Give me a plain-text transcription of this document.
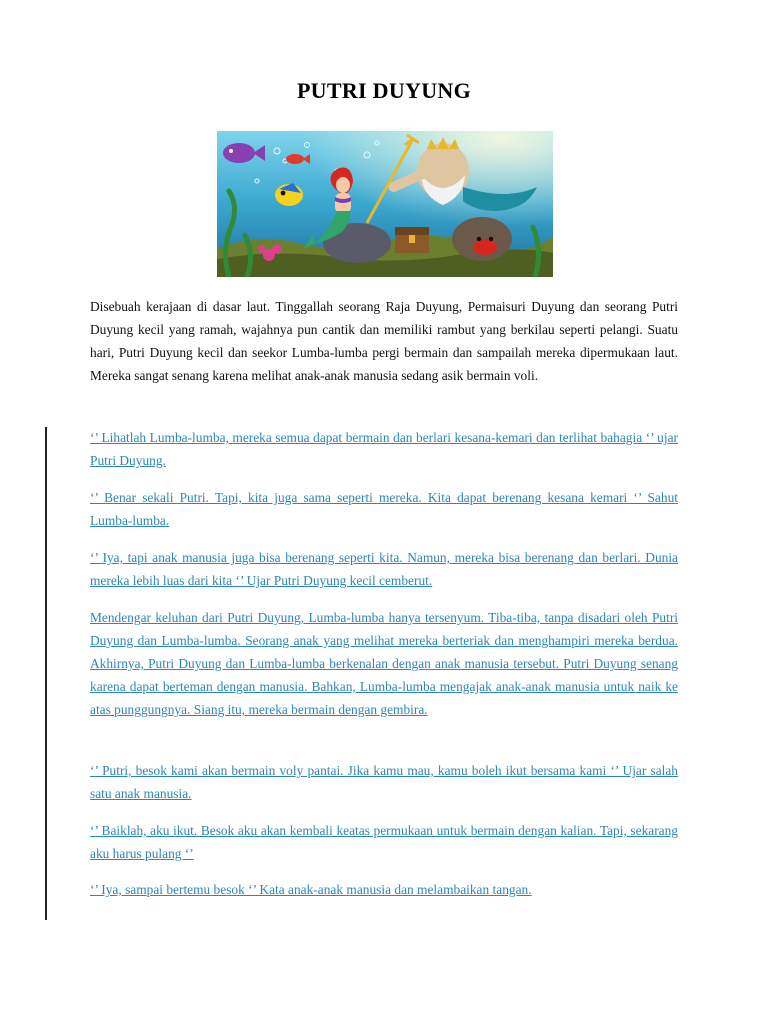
PUTRI DUYUNG
Disebuah kerajaan di dasar laut. Tinggallah seorang Raja Duyung, Permaisuri Duyung dan seorang Putri Duyung kecil yang ramah, wajahnya pun cantik dan memiliki rambut yang berkilau seperti pelangi. Suatu hari, Putri Duyung kecil dan seekor Lumba-lumba pergi bermain dan sampailah mereka dipermukaan laut. Mereka sangat senang karena melihat anak-anak manusia sedang asik bermain voli.
‘’ Lihatlah Lumba-lumba, mereka semua dapat bermain dan berlari kesana-kemari dan terlihat bahagia ‘’ ujar Putri Duyung.
‘’ Benar sekali Putri. Tapi, kita juga sama seperti mereka. Kita dapat berenang kesana kemari ‘’ Sahut Lumba-lumba.
‘’ Iya, tapi anak manusia juga bisa berenang seperti kita. Namun, mereka bisa berenang dan berlari. Dunia mereka lebih luas dari kita ‘’ Ujar Putri Duyung kecil cemberut.
Mendengar keluhan dari Putri Duyung, Lumba-lumba hanya tersenyum. Tiba-tiba, tanpa disadari oleh Putri Duyung dan Lumba-lumba. Seorang anak yang melihat mereka berteriak dan menghampiri mereka berdua. Akhirnya, Putri Duyung dan Lumba-lumba berkenalan dengan anak manusia tersebut. Putri Duyung senang karena dapat berteman dengan manusia. Bahkan, Lumba-lumba mengajak anak-anak manusia untuk naik ke atas punggungnya. Siang itu, mereka bermain dengan gembira.
‘’ Putri, besok kami akan bermain voly pantai. Jika kamu mau, kamu boleh ikut bersama kami ‘’ Ujar salah satu anak manusia.
‘’ Baiklah, aku ikut. Besok aku akan kembali keatas permukaan untuk bermain dengan kalian. Tapi, sekarang aku harus pulang ‘’
‘’ Iya, sampai bertemu besok ‘’ Kata anak-anak manusia dan melambaikan tangan.
